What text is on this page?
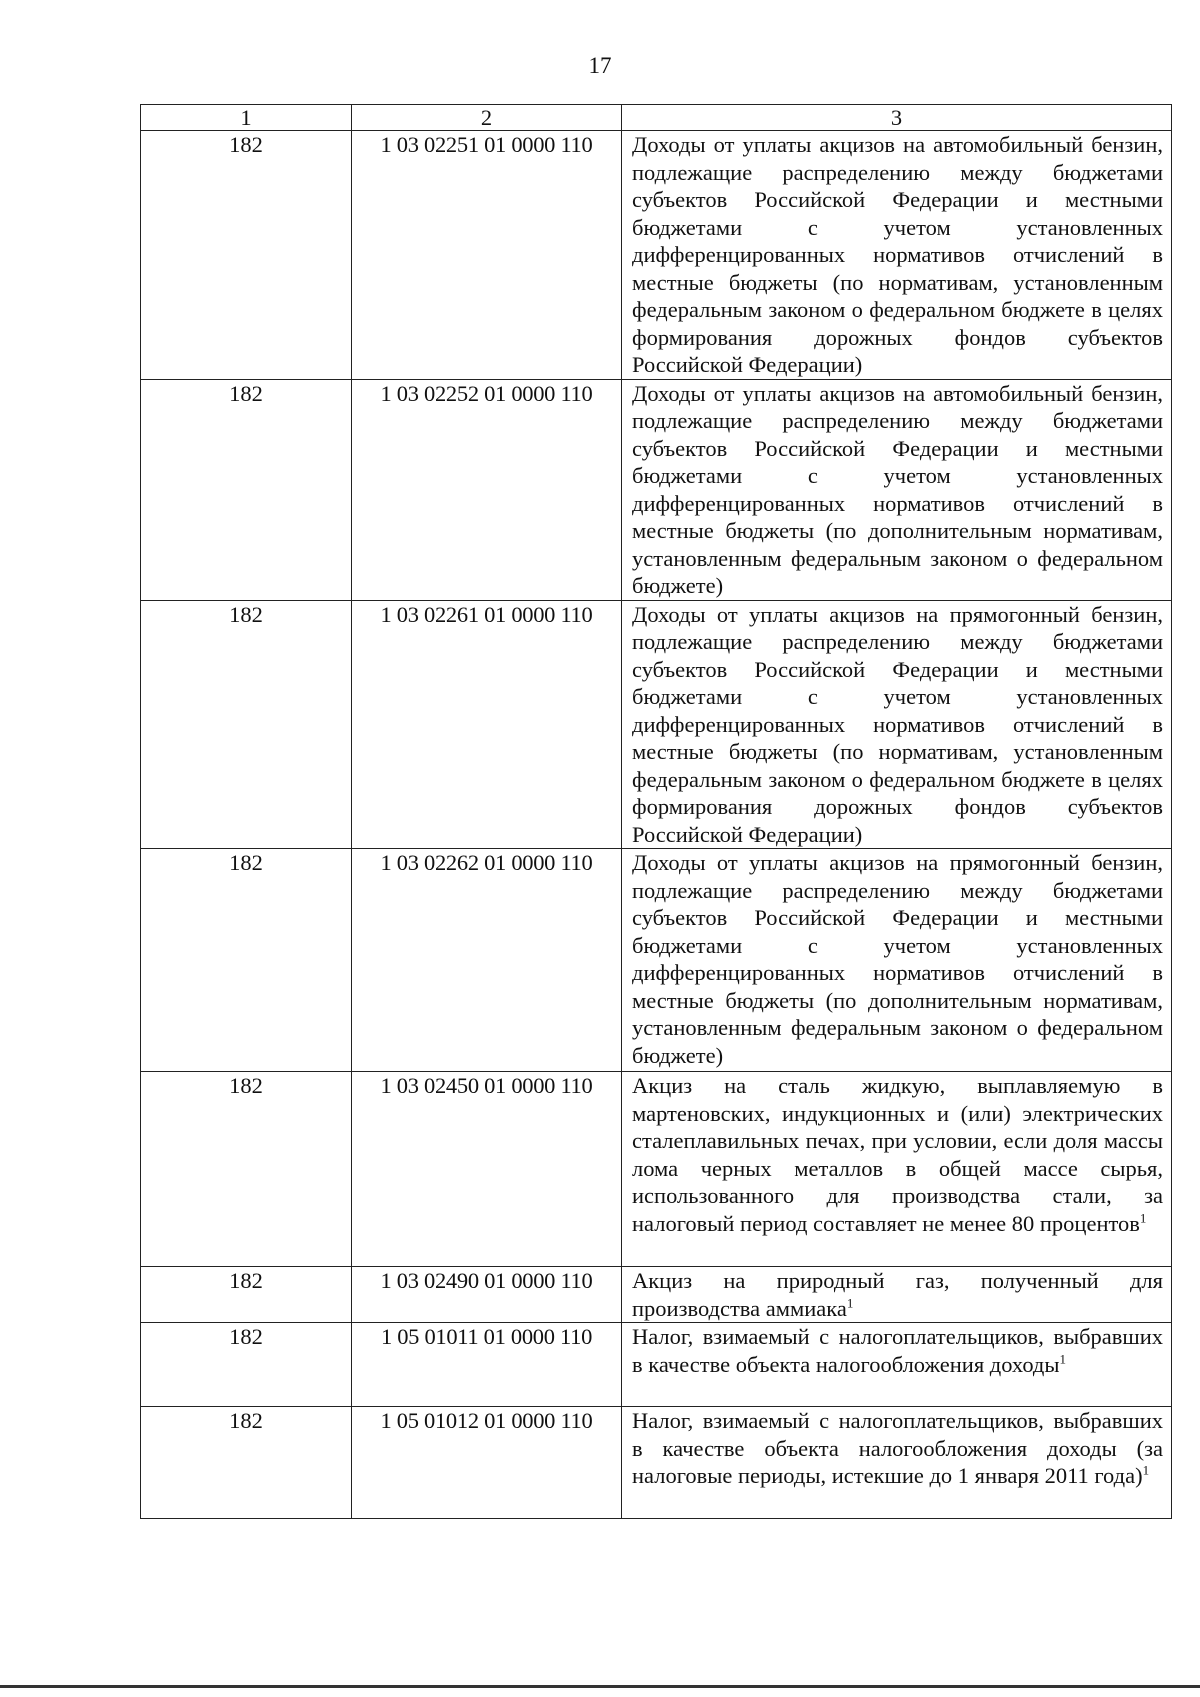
17
1	2	3
182	1 03 02251 01 0000 110	Доходы от уплаты акцизов на автомобильный бензин, подлежащие распределению между бюджетами субъектов Российской Федерации и местными бюджетами с учетом установленных дифференцированных нормативов отчислений в местные бюджеты (по нормативам, установленным федеральным законом о федеральном бюджете в целях формирования дорожных фондов субъектов Российской Федерации)
182	1 03 02252 01 0000 110	Доходы от уплаты акцизов на автомобильный бензин, подлежащие распределению между бюджетами субъектов Российской Федерации и местными бюджетами с учетом установленных дифференцированных нормативов отчислений в местные бюджеты (по дополнительным нормативам, установленным федеральным законом о федеральном бюджете)
182	1 03 02261 01 0000 110	Доходы от уплаты акцизов на прямогонный бензин, подлежащие распределению между бюджетами субъектов Российской Федерации и местными бюджетами с учетом установленных дифференцированных нормативов отчислений в местные бюджеты (по нормативам, установленным федеральным законом о федеральном бюджете в целях формирования дорожных фондов субъектов Российской Федерации)
182	1 03 02262 01 0000 110	Доходы от уплаты акцизов на прямогонный бензин, подлежащие распределению между бюджетами субъектов Российской Федерации и местными бюджетами с учетом установленных дифференцированных нормативов отчислений в местные бюджеты (по дополнительным нормативам, установленным федеральным законом о федеральном бюджете)
182	1 03 02450 01 0000 110	Акциз на сталь жидкую, выплавляемую в мартеновских, индукционных и (или) электрических сталеплавильных печах, при условии, если доля массы лома черных металлов в общей массе сырья, использованного для производства стали, за налоговый период составляет не менее 80 процентов$^1$
182	1 03 02490 01 0000 110	Акциз на природный газ, полученный для производства аммиака$^1$
182	1 05 01011 01 0000 110	Налог, взимаемый с налогоплательщиков, выбравших в качестве объекта налогообложения доходы$^1$
182	1 05 01012 01 0000 110	Налог, взимаемый с налогоплательщиков, выбравших в качестве объекта налогообложения доходы (за налоговые периоды, истекшие до 1 января 2011 года)$^1$
